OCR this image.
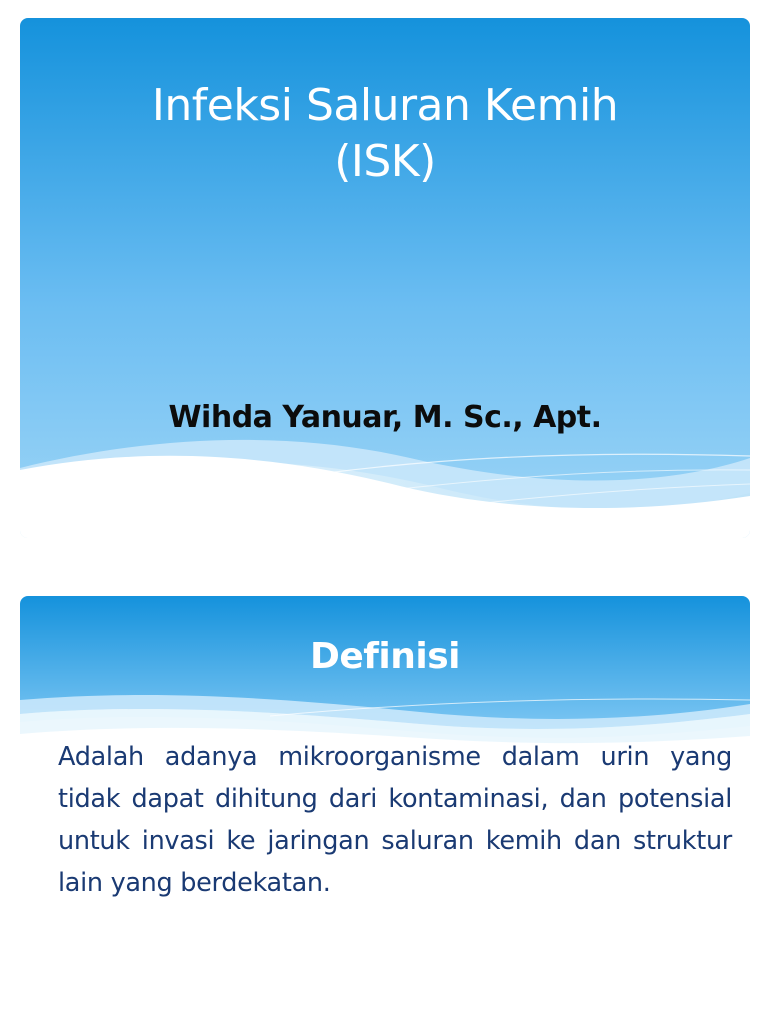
Infeksi Saluran Kemih
(ISK)

Wihda Yanuar, M. Sc., Apt.

Definisi

Adalah adanya mikroorganisme dalam urin yang tidak dapat dihitung dari kontaminasi, dan potensial untuk invasi ke jaringan saluran kemih dan struktur lain yang berdekatan.
